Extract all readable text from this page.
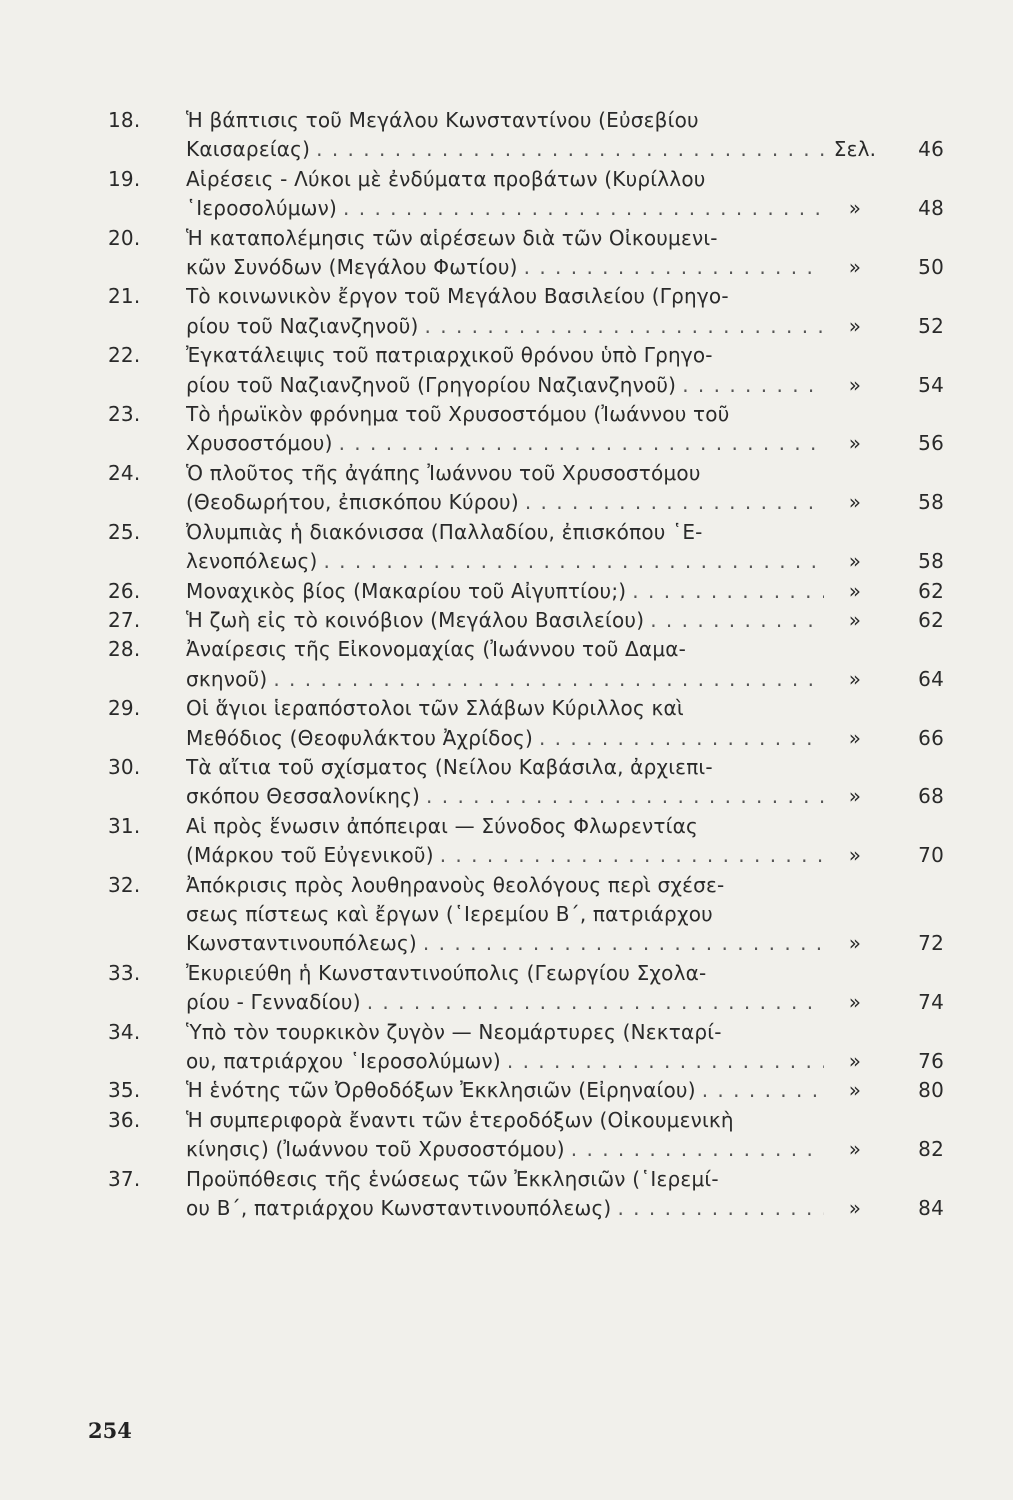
18.	Ἡ βάπτισις τοῦ Μεγάλου Κωνσταντίνου (Εὐσεβίου
Καισαρείας) . . .	Σελ.	46
19.	Αἱρέσεις - Λύκοι μὲ ἐνδύματα προβάτων (Κυρίλλου
῾Ιεροσολύμων) . . .	»	48
20.	Ἡ καταπολέμησις τῶν αἱρέσεων διὰ τῶν Οἰκουμενι-
κῶν Συνόδων (Μεγάλου Φωτίου) . . .	»	50
21.	Τὸ κοινωνικὸν ἔργον τοῦ Μεγάλου Βασιλείου (Γρηγο-
ρίου τοῦ Ναζιανζηνοῦ) . . .	»	52
22.	Ἐγκατάλειψις τοῦ πατριαρχικοῦ θρόνου ὑπὸ Γρηγο-
ρίου τοῦ Ναζιανζηνοῦ (Γρηγορίου Ναζιανζηνοῦ) . . .	»	54
23.	Τὸ ἡρωϊκὸν φρόνημα τοῦ Χρυσοστόμου (Ἰωάννου τοῦ
Χρυσοστόμου) . . .	»	56
24.	Ὁ πλοῦτος τῆς ἀγάπης Ἰωάννου τοῦ Χρυσοστόμου
(Θεοδωρήτου, ἐπισκόπου Κύρου) . . .	»	58
25.	Ὀλυμπιὰς ἡ διακόνισσα (Παλλαδίου, ἐπισκόπου ῾Ε-
λενοπόλεως) . . .	»	58
26.	Μοναχικὸς βίος (Μακαρίου τοῦ Αἰγυπτίου;) . . .	»	62
27.	Ἡ ζωὴ εἰς τὸ κοινόβιον (Μεγάλου Βασιλείου) . . .	»	62
28.	Ἀναίρεσις τῆς Εἰκονομαχίας (Ἰωάννου τοῦ Δαμα-
σκηνοῦ) . . .	»	64
29.	Οἱ ἅγιοι ἱεραπόστολοι τῶν Σλάβων Κύριλλος καὶ
Μεθόδιος (Θεοφυλάκτου Ἀχρίδος) . . .	»	66
30.	Τὰ αἴτια τοῦ σχίσματος (Νείλου Καβάσιλα, ἀρχιεπι-
σκόπου Θεσσαλονίκης) . . .	»	68
31.	Αἱ πρὸς ἕνωσιν ἀπόπειραι — Σύνοδος Φλωρεντίας
(Μάρκου τοῦ Εὐγενικοῦ) . . .	»	70
32.	Ἀπόκρισις πρὸς λουθηρανοὺς θεολόγους περὶ σχέσε-
σεως πίστεως καὶ ἔργων (῾Ιερεμίου Β΄, πατριάρχου
Κωνσταντινουπόλεως) . . .	»	72
33.	Ἐκυριεύθη ἡ Κωνσταντινούπολις (Γεωργίου Σχολα-
ρίου - Γενναδίου) . . .	»	74
34.	Ὑπὸ τὸν τουρκικὸν ζυγὸν — Νεομάρτυρες (Νεκταρί-
ου, πατριάρχου ῾Ιεροσολύμων) . . .	»	76
35.	Ἡ ἑνότης τῶν Ὀρθοδόξων Ἐκκλησιῶν (Εἰρηναίου) . . .	»	80
36.	Ἡ συμπεριφορὰ ἔναντι τῶν ἑτεροδόξων (Οἰκουμενικὴ
κίνησις) (Ἰωάννου τοῦ Χρυσοστόμου) . . .	»	82
37.	Προϋπόθεσις τῆς ἑνώσεως τῶν Ἐκκλησιῶν (῾Ιερεμί-
ου Β΄, πατριάρχου Κωνσταντινουπόλεως) . . .	»	84
254
